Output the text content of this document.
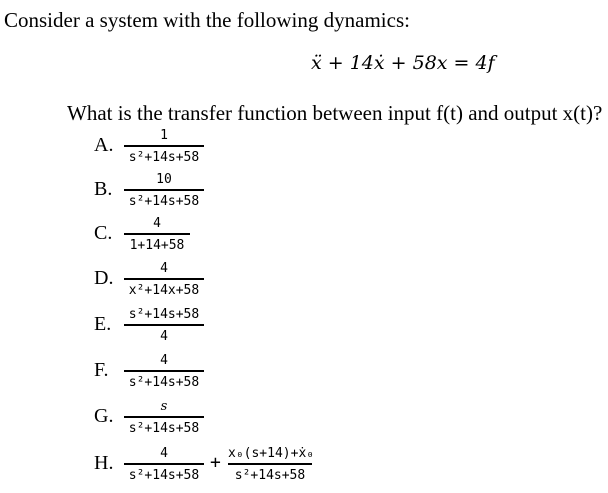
Consider a system with the following dynamics:
ẍ + 14ẋ + 58x = 4f
What is the transfer function between input f(t) and output x(t)?
A.	1
s²+14s+58
B.	10
s²+14s+58
C.	4
1+14+58
D.	4
x²+14x+58
E.	s²+14s+58
4
F.	4
s²+14s+58
G.	s
s²+14s+58
H.	4
s²+14s+58
+ x₀(s+14)+ẋ₀
s²+14s+58
